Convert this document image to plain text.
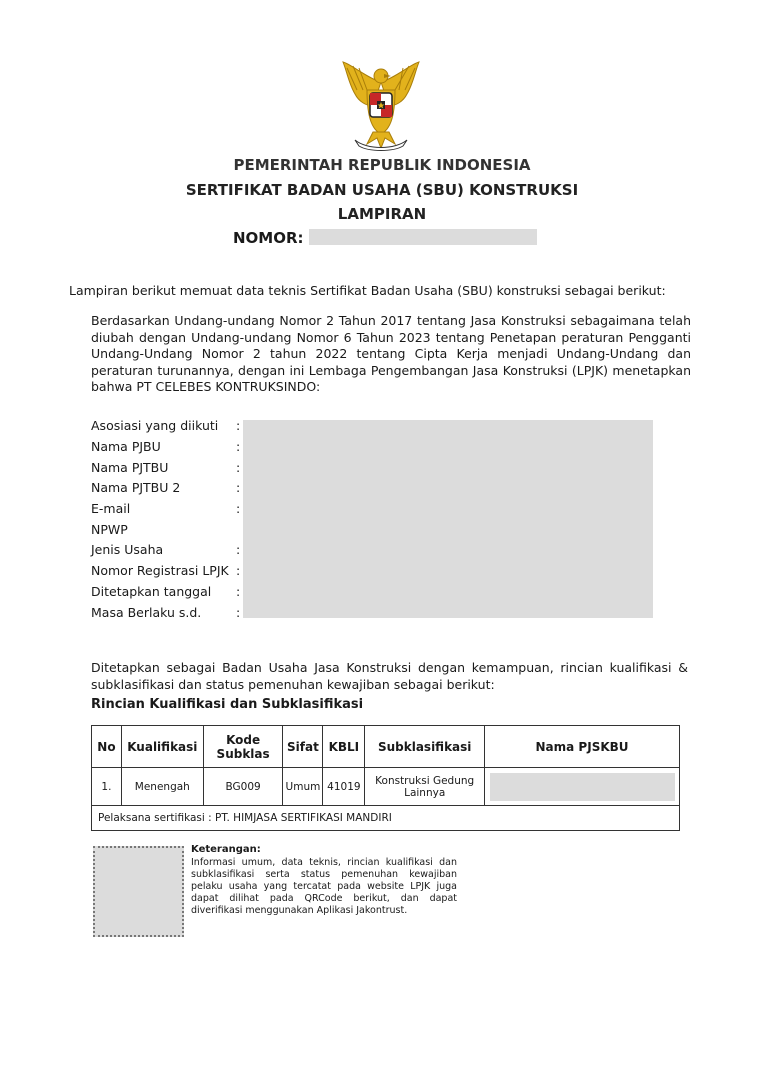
PEMERINTAH REPUBLIK INDONESIA
SERTIFIKAT BADAN USAHA (SBU) KONSTRUKSI
LAMPIRAN
NOMOR:
Lampiran berikut memuat data teknis Sertifikat Badan Usaha (SBU) konstruksi sebagai berikut:
Berdasarkan Undang-undang Nomor 2 Tahun 2017 tentang Jasa Konstruksi sebagaimana telah diubah dengan Undang-undang Nomor 6 Tahun 2023 tentang Penetapan peraturan Pengganti Undang-Undang Nomor 2 tahun 2022 tentang Cipta Kerja menjadi Undang-Undang dan peraturan turunannya, dengan ini Lembaga Pengembangan Jasa Konstruksi (LPJK) menetapkan bahwa PT CELEBES KONTRUKSINDO:
Asosiasi yang diikuti :
Nama PJBU	:
Nama PJTBU	:
Nama PJTBU 2	:
E-mail	:
NPWP
Jenis Usaha	:
Nomor Registrasi LPJK :
Ditetapkan tanggal :
Masa Berlaku s.d.	:
Ditetapkan sebagai Badan Usaha Jasa Konstruksi dengan kemampuan, rincian kualifikasi & subklasifikasi dan status pemenuhan kewajiban sebagai berikut:
Rincian Kualifikasi dan Subklasifikasi
No	Kualifikasi	Kode Subklas	Sifat	KBLI	Subklasifikasi	Nama PJSKBU
1.	Menengah	BG009	Umum	41019	Konstruksi Gedung Lainnya	

Pelaksana sertifikasi : PT. HIMJASA SERTIFIKASI MANDIRI						
Keterangan:
Informasi umum, data teknis, rincian kualifikasi dan subklasifikasi serta status pemenuhan kewajiban pelaku usaha yang tercatat pada website LPJK juga dapat dilihat pada QRCode berikut, dan dapat diverifikasi menggunakan Aplikasi Jakontrust.
